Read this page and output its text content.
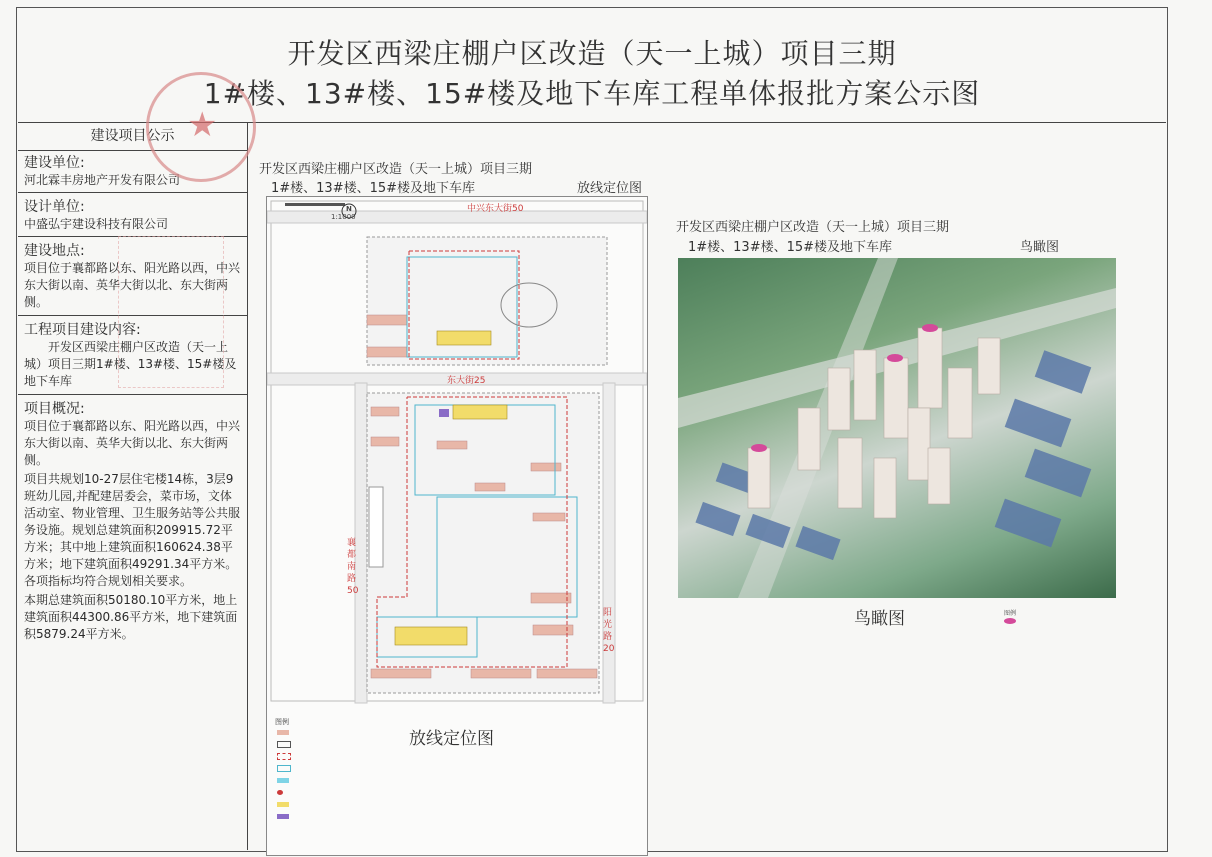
开发区西梁庄棚户区改造（天一上城）项目三期
1#楼、13#楼、15#楼及地下车库工程单体报批方案公示图
建设项目公示
建设单位:
河北霖丰房地产开发有限公司
设计单位:
中盛弘宇建设科技有限公司
建设地点:
项目位于襄都路以东、阳光路以西，中兴东大街以南、英华大街以北、东大街两侧。
工程项目建设内容:
开发区西梁庄棚户区改造（天一上城）项目三期1#楼、13#楼、15#楼及地下车库
项目概况:

项目位于襄都路以东、阳光路以西，中兴东大街以南、英华大街以北、东大街两侧。

项目共规划10-27层住宅楼14栋，3层9班幼儿园,并配建居委会，菜市场，文体活动室、物业管理、卫生服务站等公共服务设施。规划总建筑面积209915.72平方米；其中地上建筑面积160624.38平方米；地下建筑面积49291.34平方米。各项指标均符合规划相关要求。

本期总建筑面积50180.10平方米，地上建筑面积44300.86平方米，地下建筑面积5879.24平方米。

★
开发区西梁庄棚户区改造（天一上城）项目三期
1#楼、13#楼、15#楼及地下车库	放线定位图
1:1000
N	中兴东大街50
东大街25
襄
都
南
路
50
阳
光
路
20
图例
放线定位图
开发区西梁庄棚户区改造（天一上城）项目三期
1#楼、13#楼、15#楼及地下车库	鸟瞰图
鸟瞰图	图例
